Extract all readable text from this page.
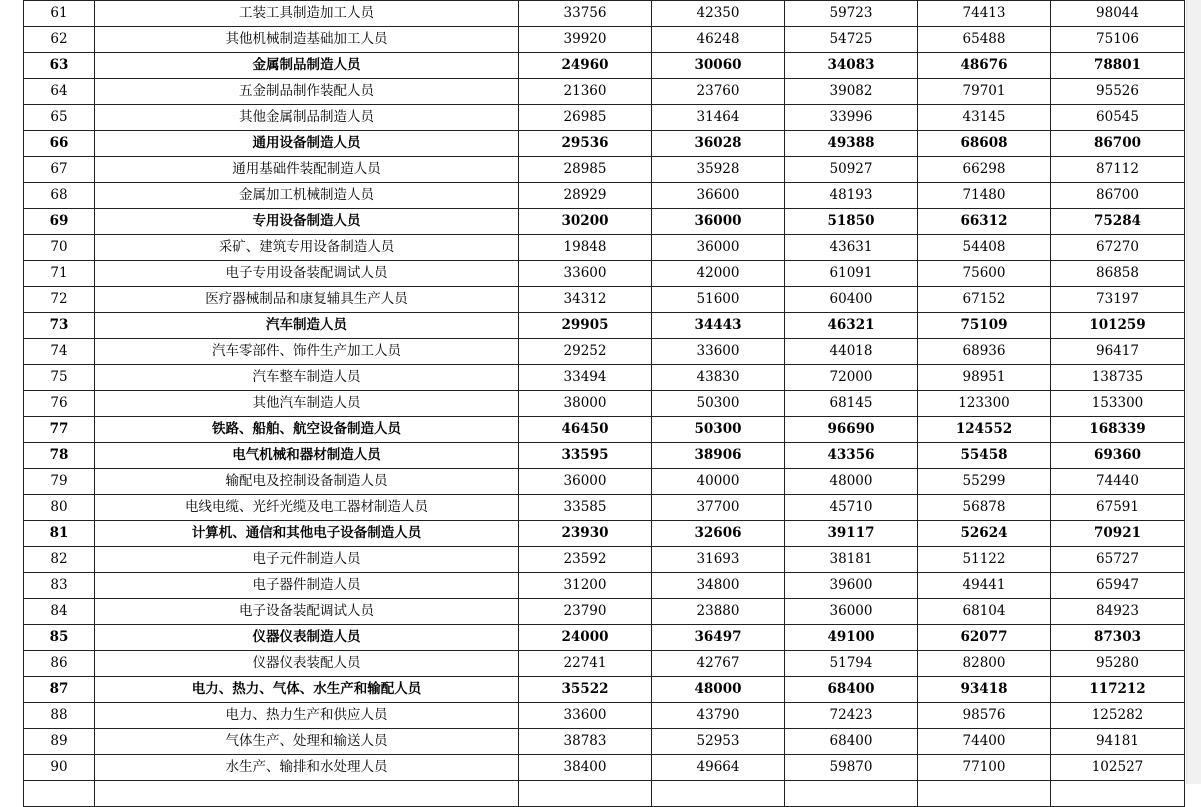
61	工装工具制造加工人员	33756	42350	59723	74413	98044
62	其他机械制造基础加工人员	39920	46248	54725	65488	75106
63	金属制品制造人员	24960	30060	34083	48676	78801
64	五金制品制作装配人员	21360	23760	39082	79701	95526
65	其他金属制品制造人员	26985	31464	33996	43145	60545
66	通用设备制造人员	29536	36028	49388	68608	86700
67	通用基础件装配制造人员	28985	35928	50927	66298	87112
68	金属加工机械制造人员	28929	36600	48193	71480	86700
69	专用设备制造人员	30200	36000	51850	66312	75284
70	采矿、建筑专用设备制造人员	19848	36000	43631	54408	67270
71	电子专用设备装配调试人员	33600	42000	61091	75600	86858
72	医疗器械制品和康复辅具生产人员	34312	51600	60400	67152	73197
73	汽车制造人员	29905	34443	46321	75109	101259
74	汽车零部件、饰件生产加工人员	29252	33600	44018	68936	96417
75	汽车整车制造人员	33494	43830	72000	98951	138735
76	其他汽车制造人员	38000	50300	68145	123300	153300
77	铁路、船舶、航空设备制造人员	46450	50300	96690	124552	168339
78	电气机械和器材制造人员	33595	38906	43356	55458	69360
79	输配电及控制设备制造人员	36000	40000	48000	55299	74440
80	电线电缆、光纤光缆及电工器材制造人员	33585	37700	45710	56878	67591
81	计算机、通信和其他电子设备制造人员	23930	32606	39117	52624	70921
82	电子元件制造人员	23592	31693	38181	51122	65727
83	电子器件制造人员	31200	34800	39600	49441	65947
84	电子设备装配调试人员	23790	23880	36000	68104	84923
85	仪器仪表制造人员	24000	36497	49100	62077	87303
86	仪器仪表装配人员	22741	42767	51794	82800	95280
87	电力、热力、气体、水生产和输配人员	35522	48000	68400	93418	117212
88	电力、热力生产和供应人员	33600	43790	72423	98576	125282
89	气体生产、处理和输送人员	38783	52953	68400	74400	94181
90	水生产、输排和水处理人员	38400	49664	59870	77100	102527
